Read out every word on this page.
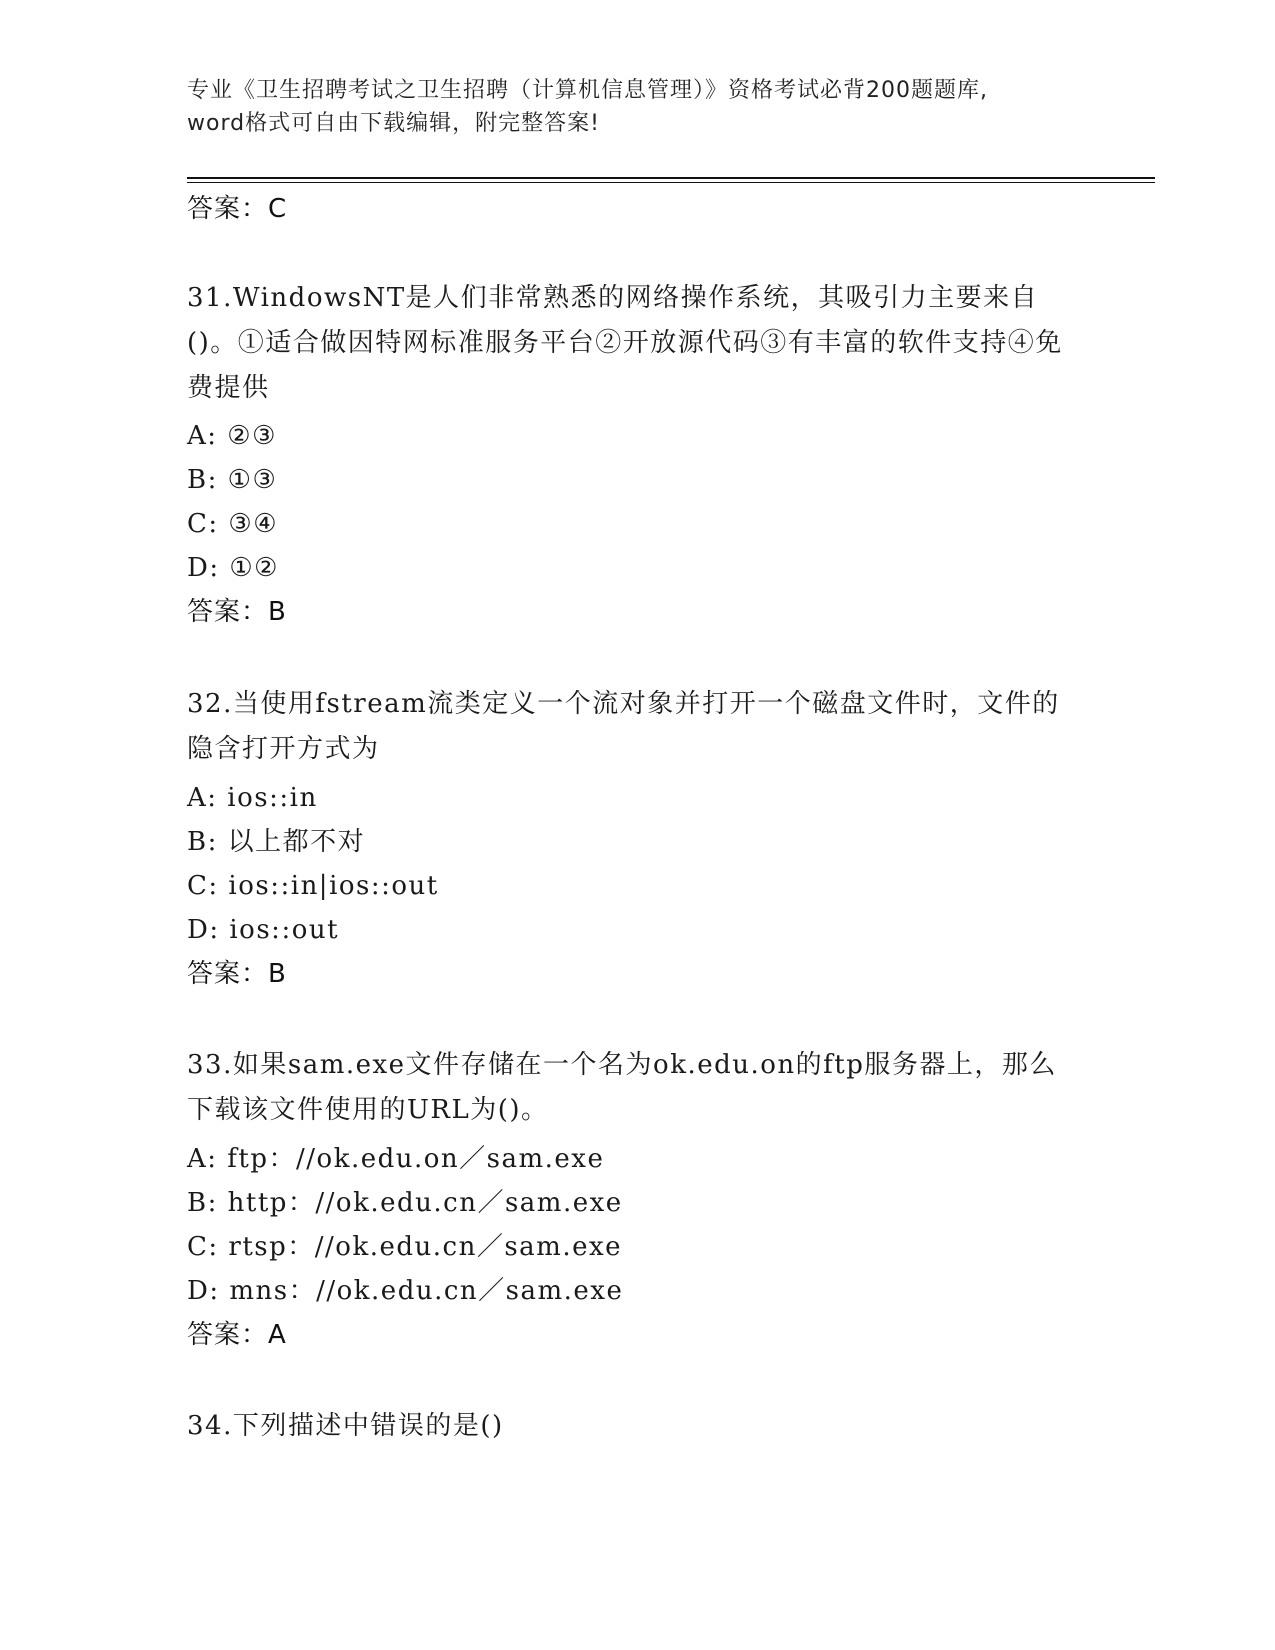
专业《卫生招聘考试之卫生招聘（计算机信息管理）》资格考试必背200题题库,
word格式可自由下载编辑，附完整答案!
答案：C
31.WindowsNT是人们非常熟悉的网络操作系统，其吸引力主要来自()。①适合做因特网标准服务平台②开放源代码③有丰富的软件支持④免费提供
A: ②③
B: ①③
C: ③④
D: ①②
答案：B
32.当使用fstream流类定义一个流对象并打开一个磁盘文件时，文件的隐含打开方式为
A: ios::in
B: 以上都不对
C: ios::in|ios::out
D: ios::out
答案：B
33.如果sam.exe文件存储在一个名为ok.edu.on的ftp服务器上，那么下载该文件使用的URL为()。
A: ftp：//ok.edu.on／sam.exe
B: http：//ok.edu.cn／sam.exe
C: rtsp：//ok.edu.cn／sam.exe
D: mns：//ok.edu.cn／sam.exe
答案：A
34.下列描述中错误的是()
